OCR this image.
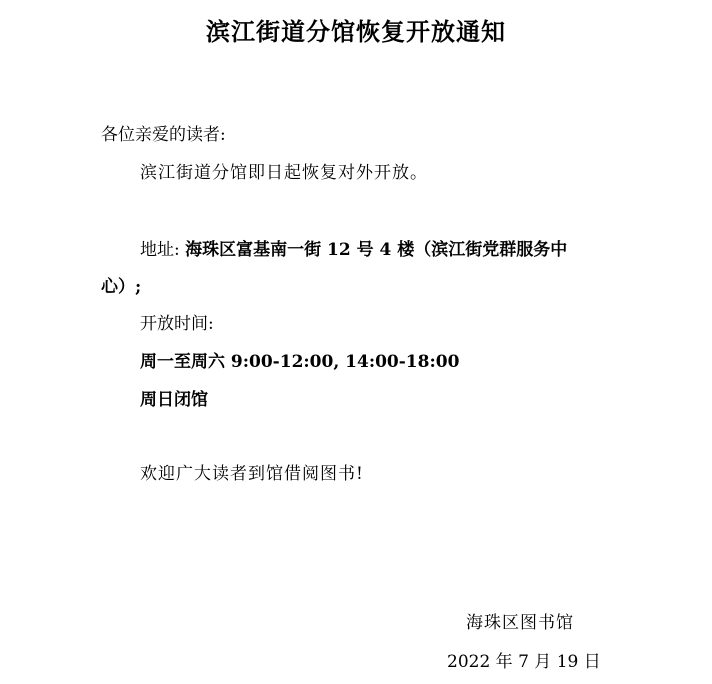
滨江街道分馆恢复开放通知
各位亲爱的读者:
滨江街道分馆即日起恢复对外开放。
地址: 海珠区富基南一街 12 号 4 楼（滨江街党群服务中
心）;
开放时间:
周一至周六 9:00-12:00, 14:00-18:00
周日闭馆
欢迎广大读者到馆借阅图书!
海珠区图书馆
2022 年 7 月 19 日
